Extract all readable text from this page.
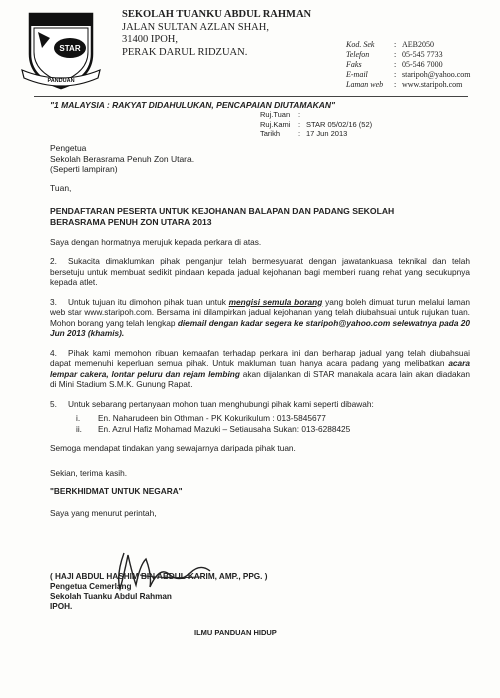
STAR
PANDUAN
SEKOLAH TUANKU ABDUL RAHMAN
JALAN SULTAN AZLAN SHAH,
31400 IPOH,
PERAK DARUL RIDZUAN.
Kod. Sek	: AEB2050
Telefon	: 05-545 7733
Faks	: 05-546 7000
E-mail	: staripoh@yahoo.com
Laman web	: www.staripoh.com
"1 MALAYSIA : RAKYAT DIDAHULUKAN, PENCAPAIAN DIUTAMAKAN"
Ruj.Tuan	:
Ruj.Kami	: STAR 05/02/16 (52)
Tarikh	: 17 Jun 2013
Pengetua
Sekolah Berasrama Penuh Zon Utara.
(Seperti lampiran)

Tuan,

PENDAFTARAN PESERTA UNTUK KEJOHANAN BALAPAN DAN PADANG SEKOLAH

BERASRAMA PENUH ZON UTARA 2013

Saya dengan hormatnya merujuk kepada perkara di atas.

2. Sukacita dimaklumkan pihak penganjur telah bermesyuarat dengan jawatankuasa teknikal dan telah bersetuju untuk membuat sedikit pindaan kepada jadual kejohanan bagi memberi ruang rehat yang secukupnya kepada atlet.

3. Untuk tujuan itu dimohon pihak tuan untuk mengisi semula borang yang boleh dimuat turun melalui laman web star www.staripoh.com. Bersama ini dilampirkan jadual kejohanan yang telah diubahsuai untuk rujukan tuan. Mohon borang yang telah lengkap diemail dengan kadar segera ke staripoh@yahoo.com selewatnya pada 20 Jun 2013 (khamis).

4. Pihak kami memohon ribuan kemaafan terhadap perkara ini dan berharap jadual yang telah diubahsuai dapat memenuhi keperluan semua pihak. Untuk makluman tuan hanya acara padang yang melibatkan acara lempar cakera, lontar peluru dan rejam lembing akan dijalankan di STAR manakala acara lain akan diadakan di Mini Stadium S.M.K. Gunung Rapat.

5. Untuk sebarang pertanyaan mohon tuan menghubungi pihak kami seperti dibawah:

i.	En. Naharudeen bin Othman - PK Kokurikulum : 013-5845677
ii.	En. Azrul Hafiz Mohamad Mazuki – Setiausaha Sukan: 013-6288425

Semoga mendapat tindakan yang sewajarnya daripada pihak tuan.

Sekian, terima kasih.

"BERKHIDMAT UNTUK NEGARA"

Saya yang menurut perintah,

( HAJI ABDUL HASHIM BIN ABDUL KARIM, AMP., PPG. )
Pengetua Cemerlang
Sekolah Tuanku Abdul Rahman
IPOH.
ILMU PANDUAN HIDUP
